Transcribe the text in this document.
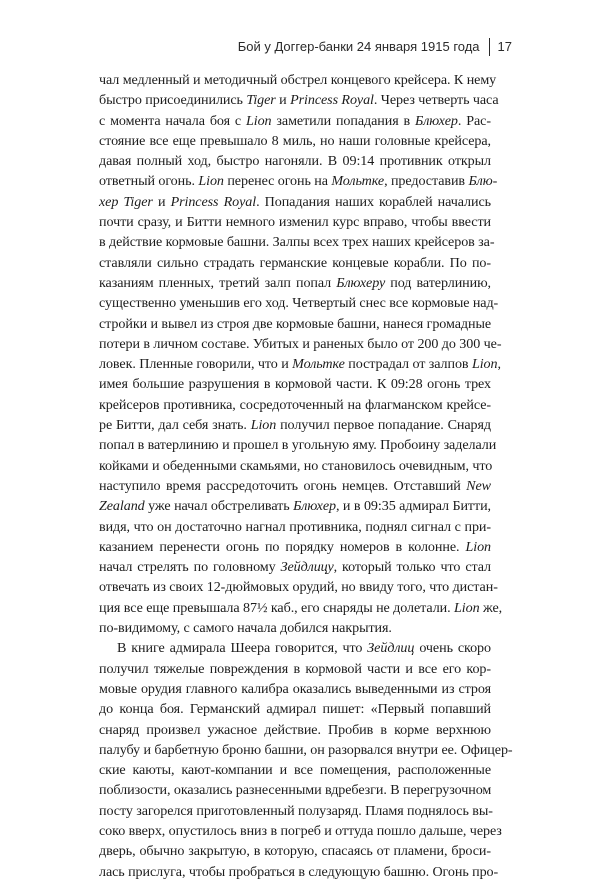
Бой у Доггер-банки 24 января 1915 года 17
чал медленный и методичный обстрел концевого крейсера. К нему
быстро присоединились Tiger и Princess Royal. Через четверть часа
с момента начала боя с Lion заметили попадания в Блюхер. Рас-
стояние все еще превышало 8 миль, но наши головные крейсера,
давая полный ход, быстро нагоняли. В 09:14 противник открыл
ответный огонь. Lion перенес огонь на Мольтке, предоставив Блю-
хер Tiger и Princess Royal. Попадания наших кораблей начались
почти сразу, и Битти немного изменил курс вправо, чтобы ввести
в действие кормовые башни. Залпы всех трех наших крейсеров за-
ставляли сильно страдать германские концевые корабли. По по-
казаниям пленных, третий залп попал Блюхеру под ватерлинию,
существенно уменьшив его ход. Четвертый снес все кормовые над-
стройки и вывел из строя две кормовые башни, нанеся громадные
потери в личном составе. Убитых и раненых было от 200 до 300 че-
ловек. Пленные говорили, что и Мольтке пострадал от залпов Lion,
имея большие разрушения в кормовой части. К 09:28 огонь трех
крейсеров противника, сосредоточенный на флагманском крейсе-
ре Битти, дал себя знать. Lion получил первое попадание. Снаряд
попал в ватерлинию и прошел в угольную яму. Пробоину заделали
койками и обеденными скамьями, но становилось очевидным, что
наступило время рассредоточить огонь немцев. Отставший New
Zealand уже начал обстреливать Блюхер, и в 09:35 адмирал Битти,
видя, что он достаточно нагнал противника, поднял сигнал с при-
казанием перенести огонь по порядку номеров в колонне. Lion
начал стрелять по головному Зейдлицу, который только что стал
отвечать из своих 12-дюймовых орудий, но ввиду того, что дистан-
ция все еще превышала 87½ каб., его снаряды не долетали. Lion же,
по-видимому, с самого начала добился накрытия.
В книге адмирала Шеера говорится, что Зейдлиц очень скоро
получил тяжелые повреждения в кормовой части и все его кор-
мовые орудия главного калибра оказались выведенными из строя
до конца боя. Германский адмирал пишет: «Первый попавший
снаряд произвел ужасное действие. Пробив в корме верхнюю
палубу и барбетную броню башни, он разорвался внутри ее. Офицер-
ские каюты, кают-компании и все помещения, расположенные
поблизости, оказались разнесенными вдребезги. В перегрузочном
посту загорелся приготовленный полузаряд. Пламя поднялось вы-
соко вверх, опустилось вниз в погреб и оттуда пошло дальше, через
дверь, обычно закрытую, в которую, спасаясь от пламени, броси-
лась прислуга, чтобы пробраться в следующую башню. Огонь про-
